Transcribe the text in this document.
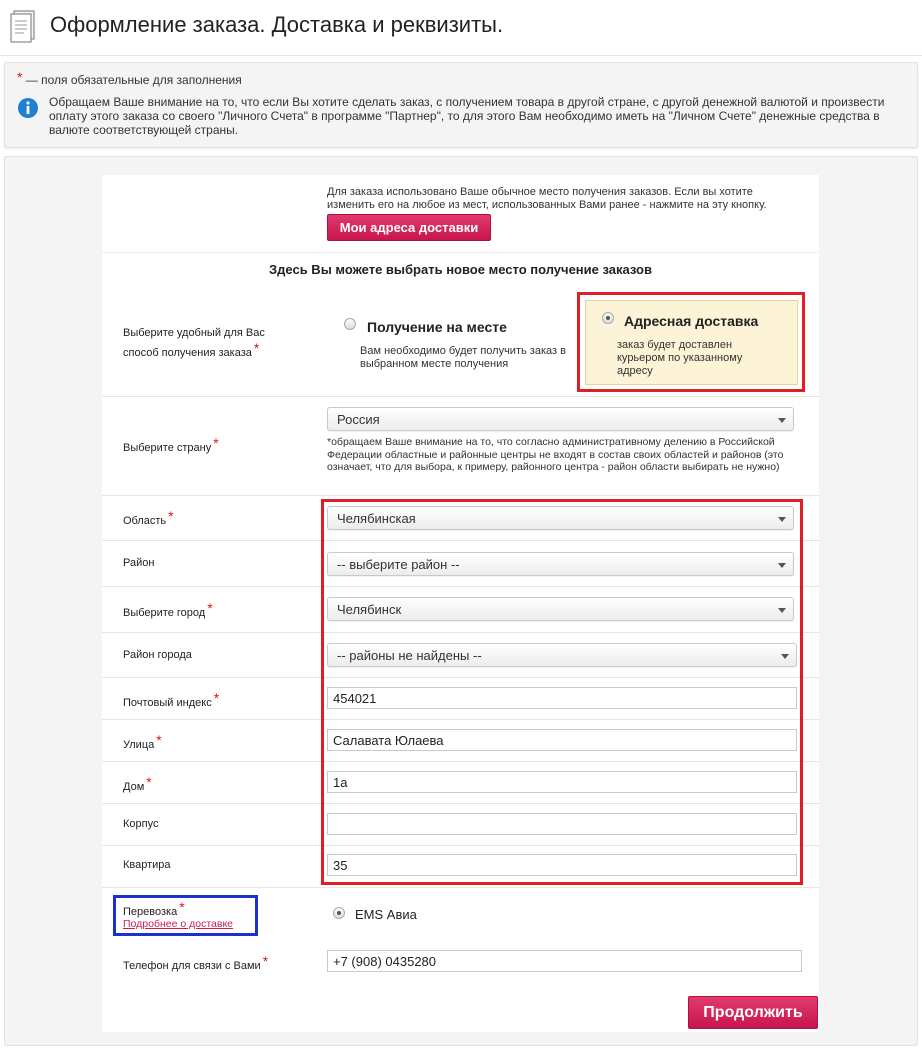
Оформление заказа. Доставка и реквизиты.
* — поля обязательные для заполнения
Обращаем Ваше внимание на то, что если Вы хотите сделать заказ, с получением товара в другой стране, с другой денежной валютой и произвести оплату этого заказа со своего "Личного Счета" в программе "Партнер", то для этого Вам необходимо иметь на "Личном Счете" денежные средства в валюте соответствующей страны.
Для заказа использовано Ваше обычное место получения заказов. Если вы хотите изменить его на любое из мест, использованных Вами ранее - нажмите на эту кнопку.
Мои адреса доставки
Здесь Вы можете выбрать новое место получение заказов
Выберите удобный для Вас способ получения заказа *
Получение на месте
Вам необходимо будет получить заказ в выбранном месте получения
Адресная доставка
заказ будет доставлен курьером по указанному адресу
Выберите страну *
Россия
*обращаем Ваше внимание на то, что согласно административному делению в Российской Федерации областные и районные центры не входят в состав своих областей и районов (это означает, что для выбора, к примеру, районного центра - район области выбирать не нужно)
Область *	Челябинская
Район	-- выберите район --
Выберите город *	Челябинск
Район города	-- районы не найдены --
Почтовый индекс *	454021
Улица *	Салавата Юлаева
Дом *	1а
Корпус
Квартира	35
Перевозка *
Подробнее о доставке
EMS Авиа
Телефон для связи с Вами *	+7 (908) 0435280
Продолжить
